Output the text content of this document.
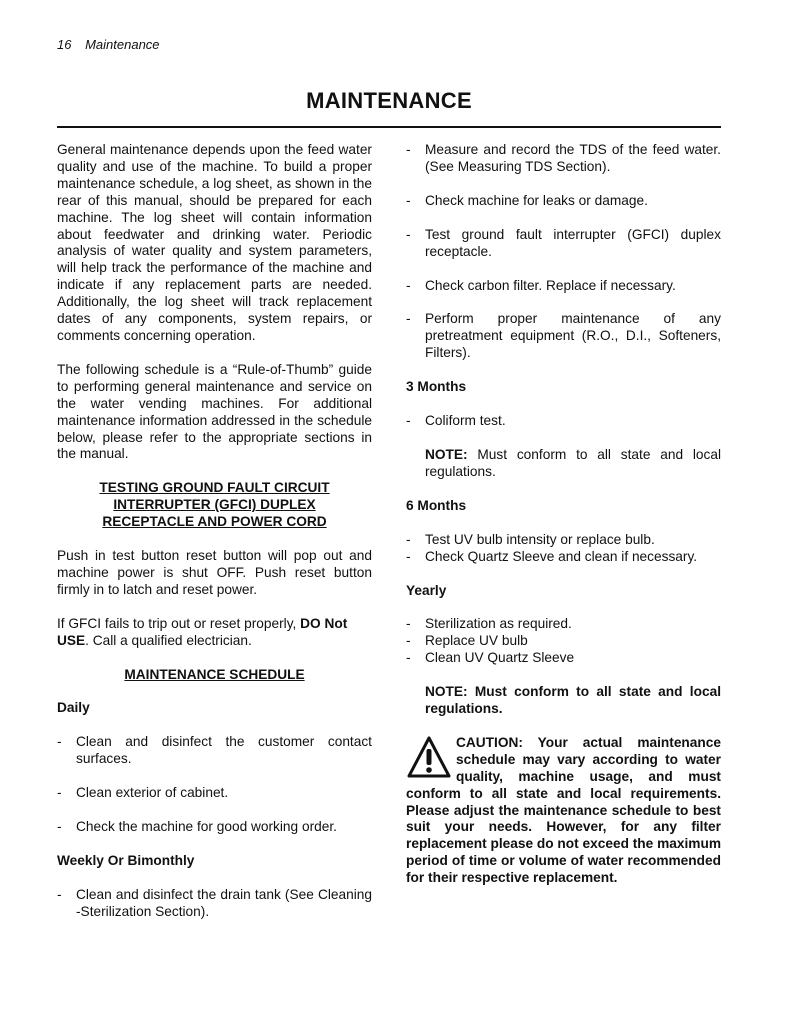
16 Maintenance
MAINTENANCE

General maintenance depends upon the feed water quality and use of the machine. To build a proper maintenance schedule, a log sheet, as shown in the rear of this manual, should be prepared for each machine. The log sheet will contain information about feedwater and drinking water. Periodic analysis of water quality and system parameters, will help track the performance of the machine and indicate if any replacement parts are needed. Additionally, the log sheet will track replacement dates of any components, system repairs, or comments concerning operation.

The following schedule is a “Rule-of-Thumb” guide to performing general maintenance and service on the water vending machines. For additional maintenance information addressed in the schedule below, please refer to the appropriate sections in the manual.

TESTING GROUND FAULT CIRCUIT
INTERRUPTER (GFCI) DUPLEX
RECEPTACLE AND POWER CORD

Push in test button reset button will pop out and machine power is shut OFF. Push reset button firmly in to latch and reset power.

If GFCI fails to trip out or reset properly, DO Not USE. Call a qualified electrician.

MAINTENANCE SCHEDULE
Daily
-	Clean and disinfect the customer contact surfaces.
-	Clean exterior of cabinet.
-	Check the machine for good working order.
Weekly Or Bimonthly
-	Clean and disinfect the drain tank (See Cleaning -Sterilization Section).
-	Measure and record the TDS of the feed water. (See Measuring TDS Section).
-	Check machine for leaks or damage.
-	Test ground fault interrupter (GFCI) duplex receptacle.
-	Check carbon filter. Replace if necessary.
-	Perform proper maintenance of any pretreatment equipment (R.O., D.I., Softeners, Filters).
3 Months
-	Coliform test.

NOTE: Must conform to all state and local regulations.

6 Months
-	Test UV bulb intensity or replace bulb.
-	Check Quartz Sleeve and clean if necessary.
Yearly
-	Sterilization as required.
-	Replace UV bulb
-	Clean UV Quartz Sleeve

NOTE: Must conform to all state and local regulations.

CAUTION: Your actual maintenance schedule may vary according to water quality, machine usage, and must conform to all state and local requirements. Please adjust the maintenance schedule to best suit your needs. However, for any filter replacement please do not exceed the maximum period of time or volume of water recommended for their respective replacement.
